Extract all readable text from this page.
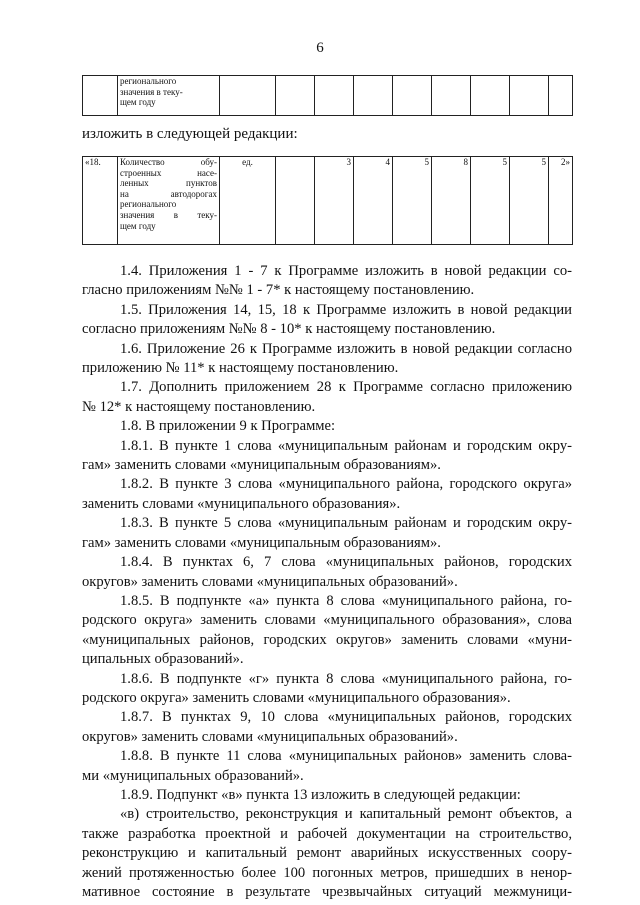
6

регионального
значения в теку-
щем году

изложить в следующей редакции:
«18.	Количество обу-
строенных насе-
ленных пунктов
на автодорогах
регионального
значения в теку-
щем году
	ед.		3	4	5	8	5	5	2»

1.4. Приложения 1 - 7 к Программе изложить в новой редакции со-

гласно приложениям №№ 1 - 7* к настоящему постановлению.

1.5. Приложения 14, 15, 18 к Программе изложить в новой редакции

согласно приложениям №№ 8 - 10* к настоящему постановлению.

1.6. Приложение 26 к Программе изложить в новой редакции согласно

приложению № 11* к настоящему постановлению.

1.7. Дополнить приложением 28 к Программе согласно приложению

№ 12* к настоящему постановлению.

1.8. В приложении 9 к Программе:

1.8.1. В пункте 1 слова «муниципальным районам и городским окру-

гам» заменить словами «муниципальным образованиям».

1.8.2. В пункте 3 слова «муниципального района, городского округа»

заменить словами «муниципального образования».

1.8.3. В пункте 5 слова «муниципальным районам и городским окру-

гам» заменить словами «муниципальным образованиям».

1.8.4. В пунктах 6, 7 слова «муниципальных районов, городских

округов» заменить словами «муниципальных образований».

1.8.5. В подпункте «а» пункта 8 слова «муниципального района, го-

родского округа» заменить словами «муниципального образования», слова

«муниципальных районов, городских округов» заменить словами «муни-

ципальных образований».

1.8.6. В подпункте «г» пункта 8 слова «муниципального района, го-

родского округа» заменить словами «муниципального образования».

1.8.7. В пунктах 9, 10 слова «муниципальных районов, городских

округов» заменить словами «муниципальных образований».

1.8.8. В пункте 11 слова «муниципальных районов» заменить слова-

ми «муниципальных образований».

1.8.9. Подпункт «в» пункта 13 изложить в следующей редакции:

«в) строительство, реконструкция и капитальный ремонт объектов, а

также разработка проектной и рабочей документации на строительство,

реконструкцию и капитальный ремонт аварийных искусственных соору-

жений протяженностью более 100 погонных метров, пришедших в ненор-

мативное состояние в результате чрезвычайных ситуаций межмуници-
